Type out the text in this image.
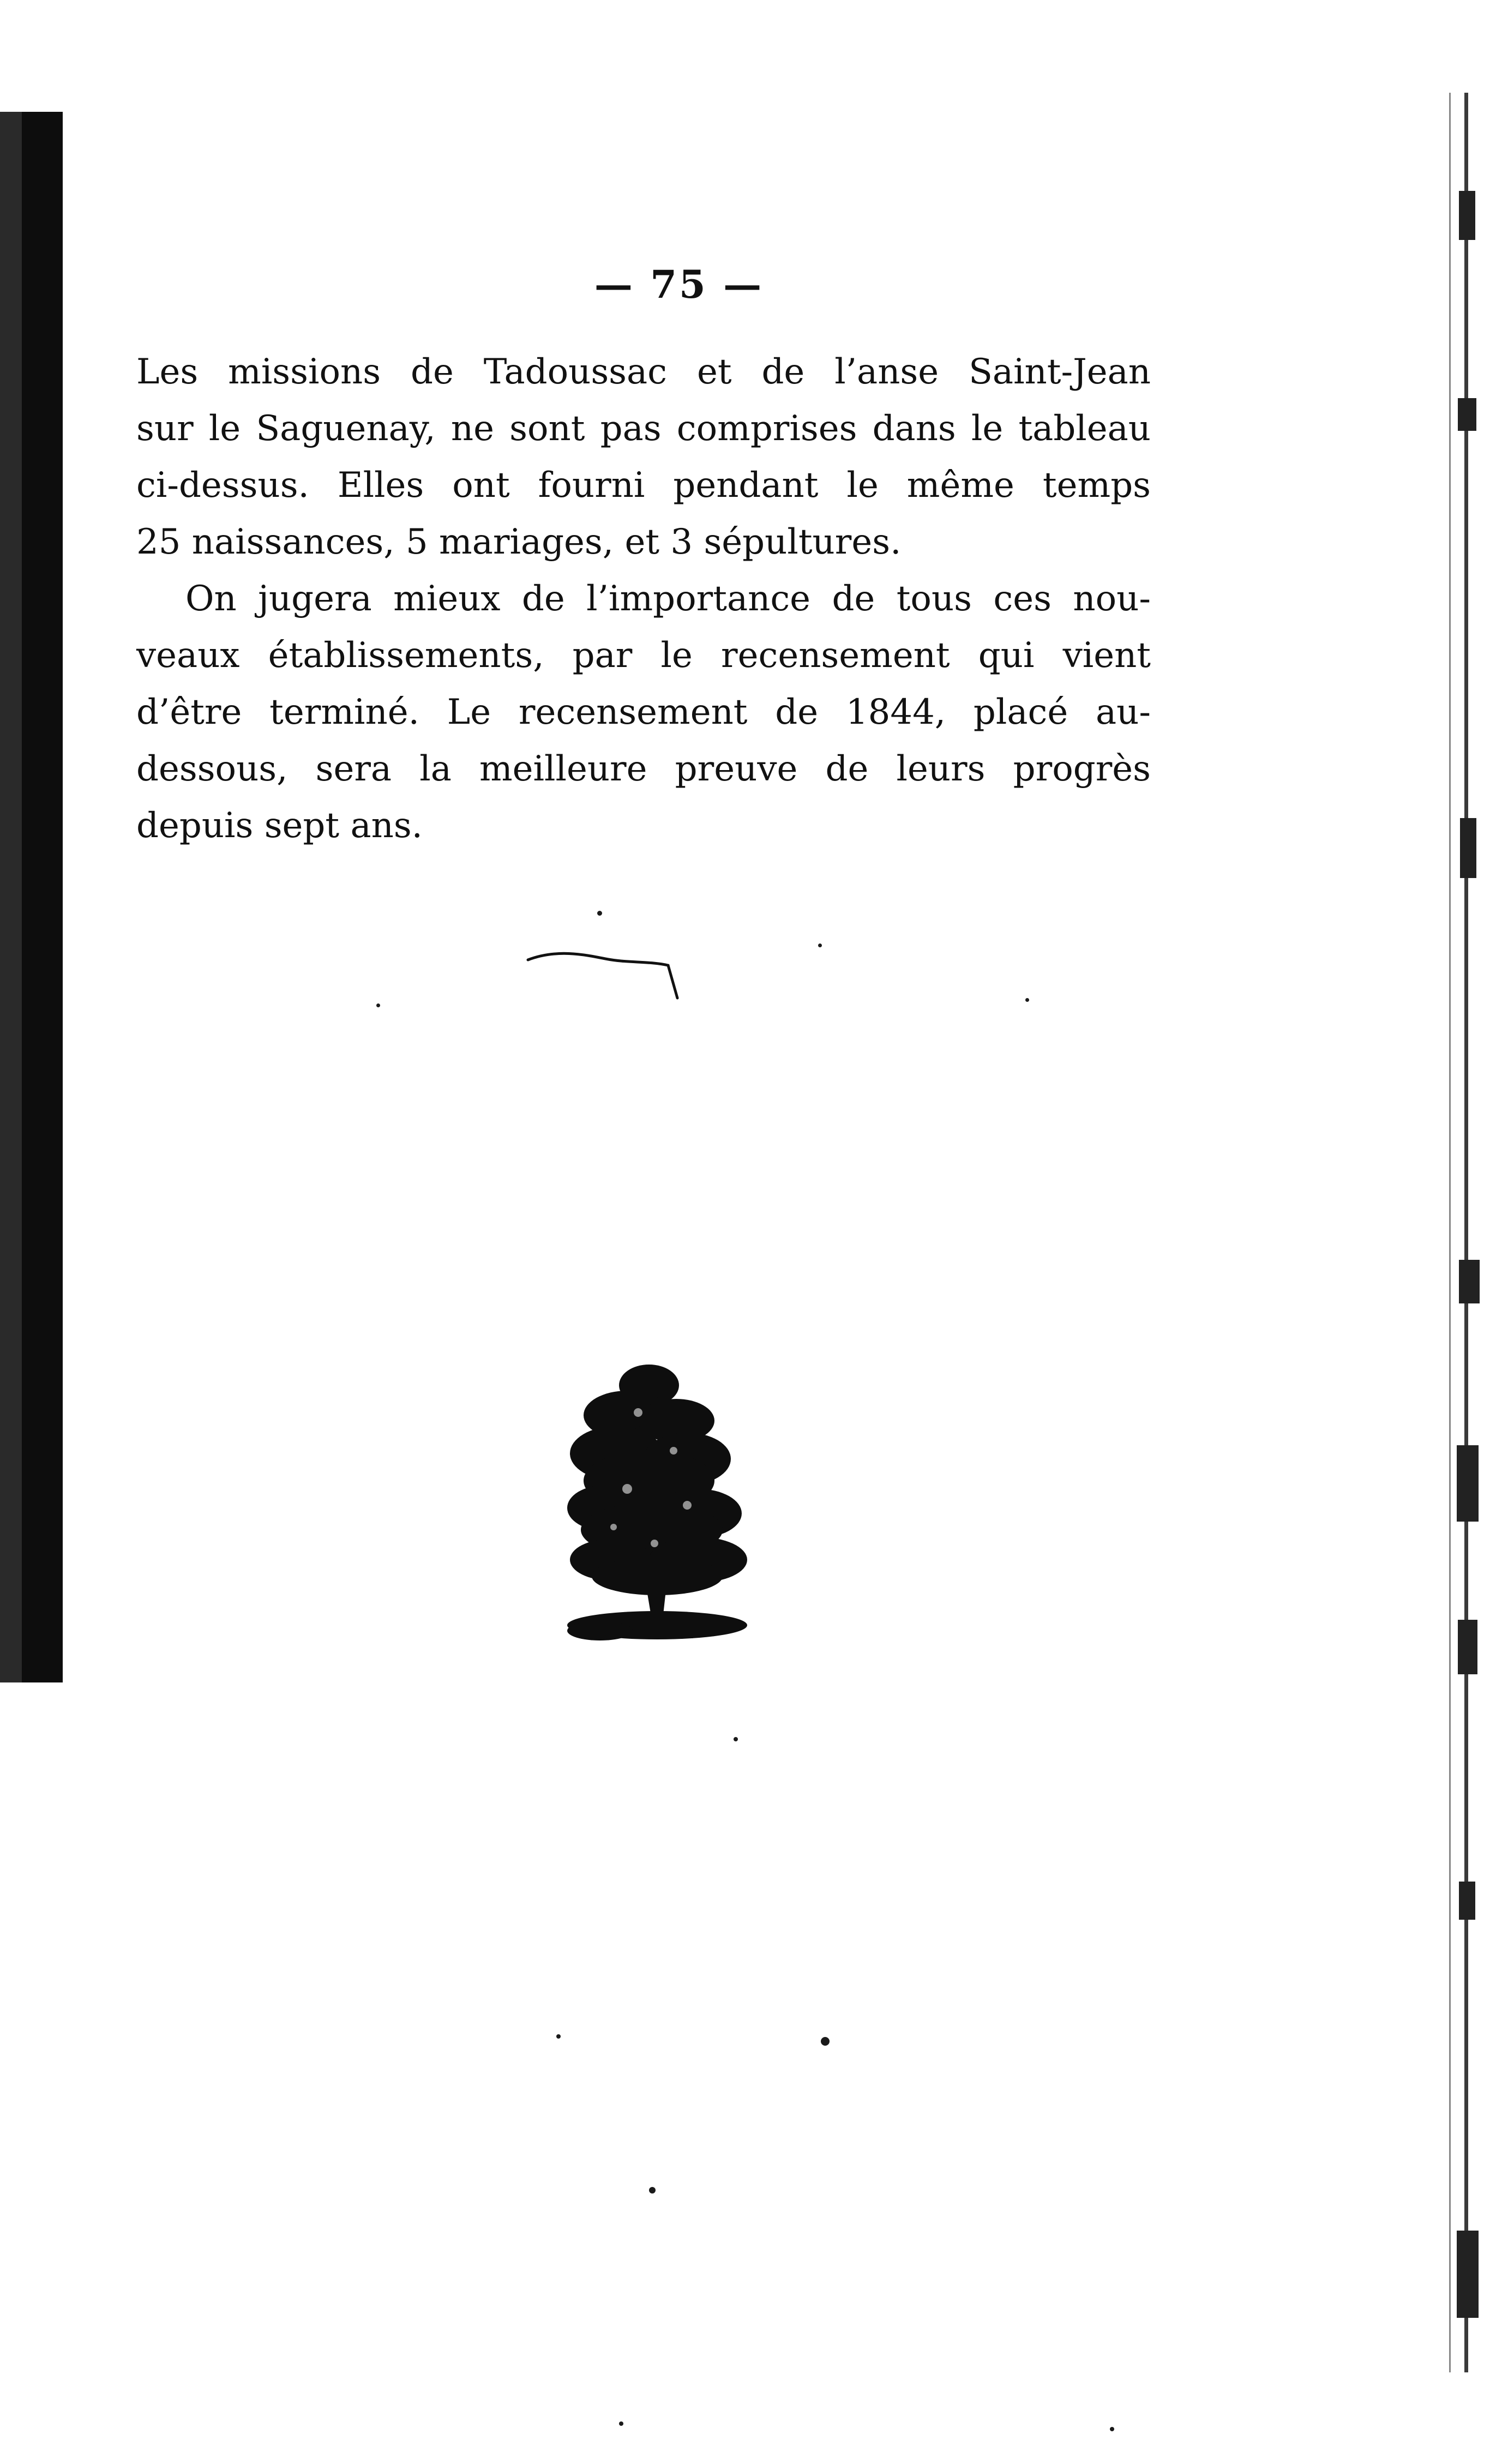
— 75 —
Les missions de Tadoussac et de l’anse Saint-Jean
sur le Saguenay, ne sont pas comprises dans le tableau
ci-dessus. Elles ont fourni pendant le même temps
25 naissances, 5 mariages, et 3 sépultures.
On jugera mieux de l’importance de tous ces nou-
veaux établissements, par le recensement qui vient
d’être terminé. Le recensement de 1844, placé au-
dessous, sera la meilleure preuve de leurs progrès
depuis sept ans.
